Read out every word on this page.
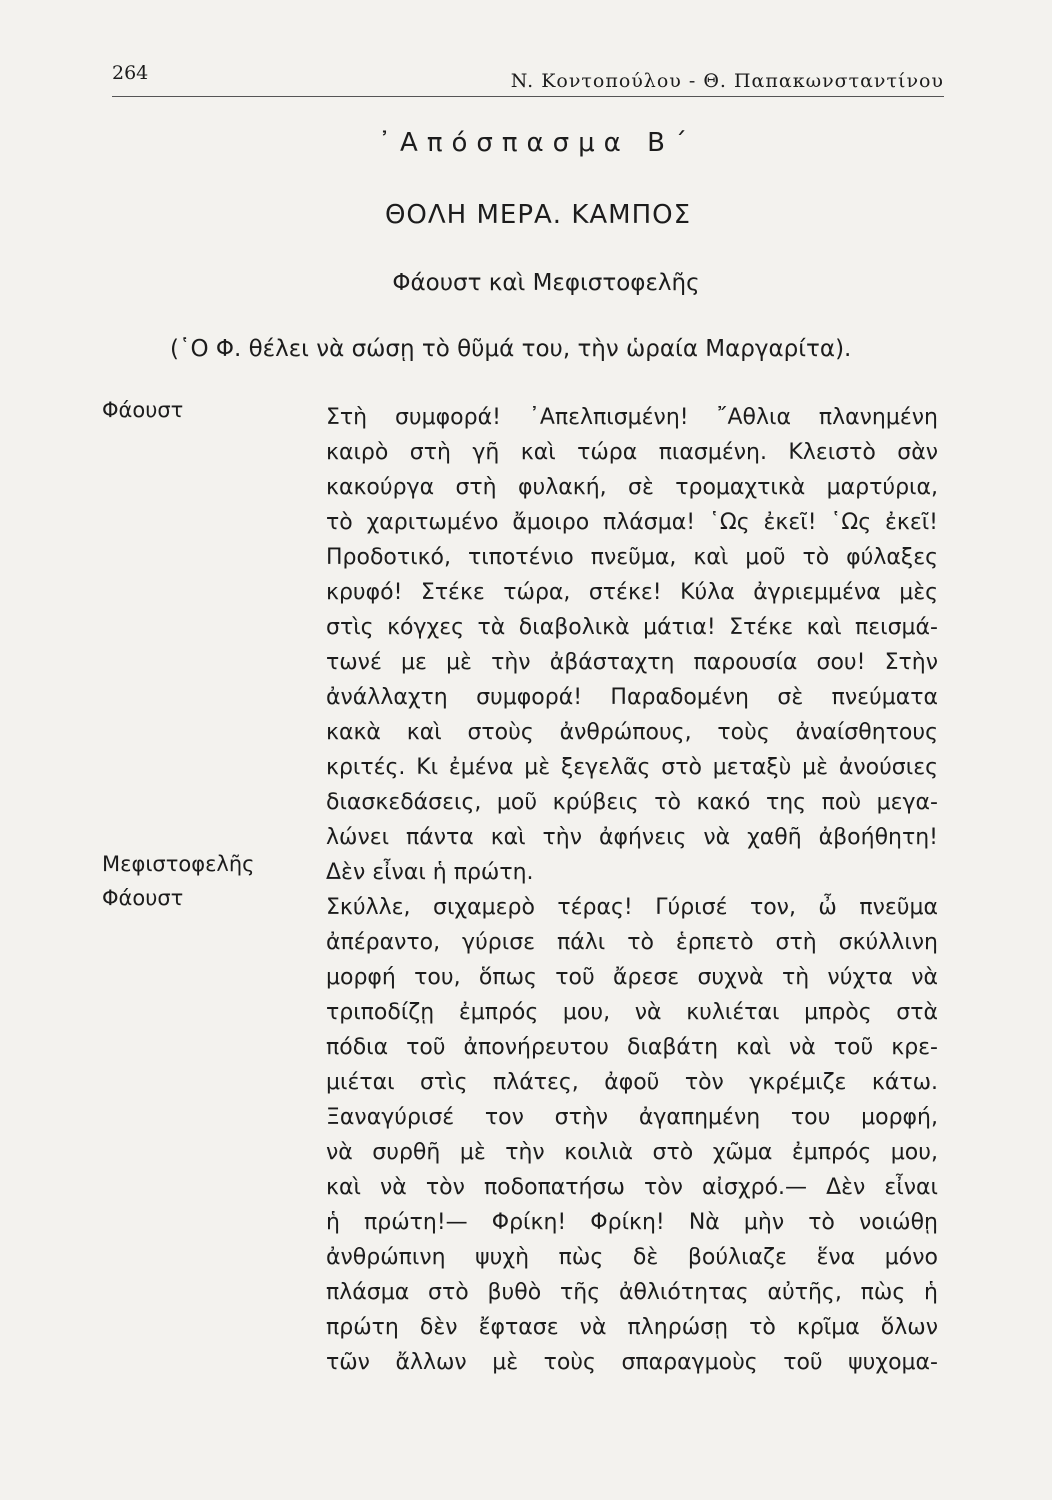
264	N. Κοντοπούλου - Θ. Παπακωνσταντίνου
᾿Απόσπασμα Β΄
ΘΟΛΗ ΜΕΡΑ. ΚΑΜΠΟΣ
Φάουστ καὶ Μεφιστοφελῆς
(῾Ο Φ. θέλει νὰ σώσῃ τὸ θῦμά του, τὴν ὡραία Μαργαρίτα).
Φάουστ	Στὴ συμφορά! ᾿Απελπισμένη! ῎Αθλια πλανημένη
καιρὸ στὴ γῆ καὶ τώρα πιασμένη. Κλειστὸ σὰν
κακούργα στὴ φυλακή, σὲ τρομαχτικὰ μαρτύρια,
τὸ χαριτωμένο ἄμοιρο πλάσμα! ῾Ως ἐκεῖ! ῾Ως ἐκεῖ!
Προδοτικό, τιποτένιο πνεῦμα, καὶ μοῦ τὸ φύλαξες
κρυφό! Στέκε τώρα, στέκε! Κύλα ἀγριεμμένα μὲς
στὶς κόγχες τὰ διαβολικὰ μάτια! Στέκε καὶ πεισμά-
τωνέ με μὲ τὴν ἀβάσταχτη παρουσία σου! Στὴν
ἀνάλλαχτη συμφορά! Παραδομένη σὲ πνεύματα
κακὰ καὶ στοὺς ἀνθρώπους, τοὺς ἀναίσθητους
κριτές. Κι ἐμένα μὲ ξεγελᾶς στὸ μεταξὺ μὲ ἀνούσιες
διασκεδάσεις, μοῦ κρύβεις τὸ κακό της ποὺ μεγα-
λώνει πάντα καὶ τὴν ἀφήνεις νὰ χαθῆ ἀβοήθητη!
Μεφιστοφελῆς	Δὲν εἶναι ἡ πρώτη.
Φάουστ	Σκύλλε, σιχαμερὸ τέρας! Γύρισέ τον, ὦ πνεῦμα
ἀπέραντο, γύρισε πάλι τὸ ἑρπετὸ στὴ σκύλλινη
μορφή του, ὅπως τοῦ ἄρεσε συχνὰ τὴ νύχτα νὰ
τριποδίζῃ ἐμπρός μου, νὰ κυλιέται μπρὸς στὰ
πόδια τοῦ ἀπονήρευτου διαβάτη καὶ νὰ τοῦ κρε-
μιέται στὶς πλάτες, ἀφοῦ τὸν γκρέμιζε κάτω.
Ξαναγύρισέ τον στὴν ἀγαπημένη του μορφή,
νὰ συρθῆ μὲ τὴν κοιλιὰ στὸ χῶμα ἐμπρός μου,
καὶ νὰ τὸν ποδοπατήσω τὸν αἰσχρό.— Δὲν εἶναι
ἡ πρώτη!— Φρίκη! Φρίκη! Νὰ μὴν τὸ νοιώθῃ
ἀνθρώπινη ψυχὴ πὼς δὲ βούλιαζε ἕνα μόνο
πλάσμα στὸ βυθὸ τῆς ἀθλιότητας αὐτῆς, πὼς ἡ
πρώτη δὲν ἔφτασε νὰ πληρώσῃ τὸ κρῖμα ὅλων
τῶν ἄλλων μὲ τοὺς σπαραγμοὺς τοῦ ψυχομα-
